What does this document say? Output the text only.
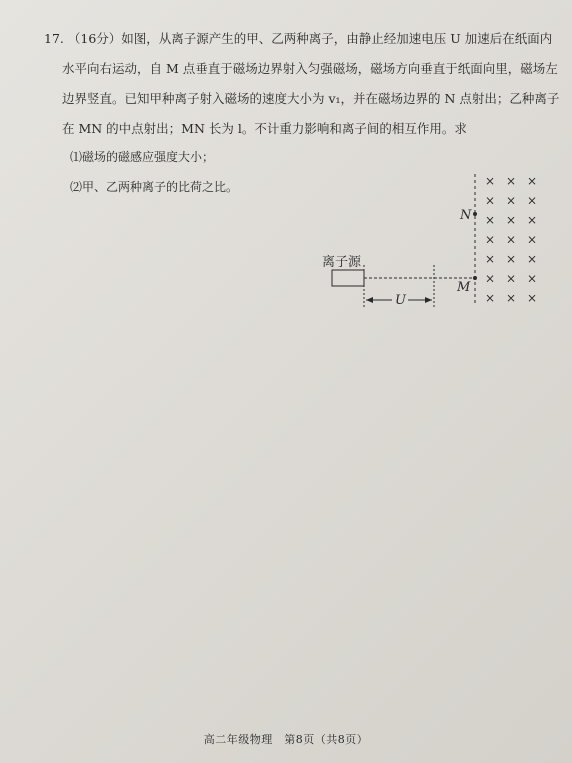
17. （16分）如图，从离子源产生的甲、乙两种离子，由静止经加速电压 U 加速后在纸面内
水平向右运动，自 M 点垂直于磁场边界射入匀强磁场，磁场方向垂直于纸面向里，磁场左
边界竖直。已知甲种离子射入磁场的速度大小为 v₁，并在磁场边界的 N 点射出；乙种离子
在 MN 的中点射出；MN 长为 l。不计重力影响和离子间的相互作用。求
⑴磁场的磁感应强度大小；
⑵甲、乙两种离子的比荷之比。
离子源
U
M
N
× × ×
× × ×
× × ×
× × ×
× × ×
× × ×
× × ×
高二年级物理　第8页（共8页）
